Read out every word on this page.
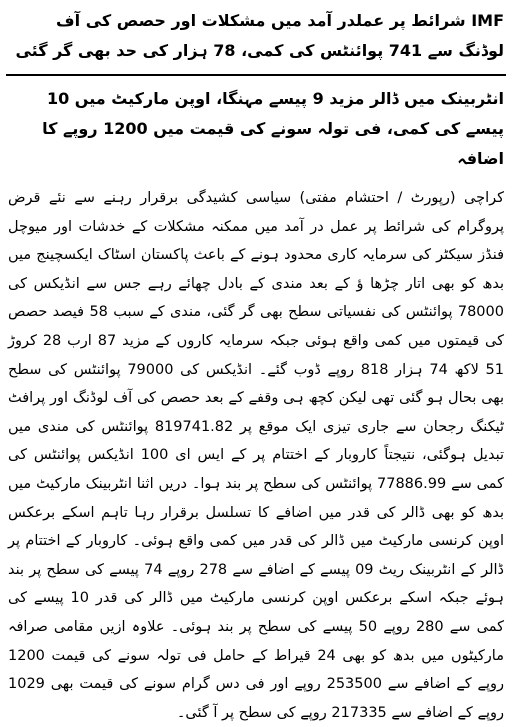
IMF شرائط پر عملدر آمد میں مشکلات اور حصص کی آف لوڈنگ سے 741 پوائنٹس کی کمی، 78 ہزار کی حد بھی گر گئی
انٹربینک میں ڈالر مزید 9 پیسے مہنگا، اوپن مارکیٹ میں 10 پیسے کی کمی، فی تولہ سونے کی قیمت میں 1200 روپے کا اضافہ

کراچی (رپورٹ / احتشام مفتی) سیاسی کشیدگی برقرار رہنے سے نئے قرض پروگرام کی شرائط پر عمل در آمد میں ممکنہ مشکلات کے خدشات اور میوچل فنڈز سیکٹر کی سرمایہ کاری محدود ہونے کے باعث پاکستان اسٹاک ایکسچینج میں بدھ کو بھی اتار چڑھا ؤ کے بعد مندی کے بادل چھائے رہے جس سے انڈیکس کی 78000 پوائنٹس کی نفسیاتی سطح بھی گر گئی، مندی کے سبب 58 فیصد حصص کی قیمتوں میں کمی واقع ہوئی جبکہ سرمایہ کاروں کے مزید 87 ارب 28 کروڑ 51 لاکھ 74 ہزار 818 روپے ڈوب گئے۔ انڈیکس کی 79000 پوائنٹس کی سطح بھی بحال ہو گئی تھی لیکن کچھ ہی وقفے کے بعد حصص کی آف لوڈنگ اور پرافٹ ٹیکنگ رجحان سے جاری تیزی ایک موقع پر 819741.82 پوائنٹس کی مندی میں تبدیل ہوگئی، نتیجتاً کاروبار کے اختتام پر کے ایس ای 100 انڈیکس پوائنٹس کی کمی سے 77886.99 پوائنٹس کی سطح پر بند ہوا۔ دریں اثنا انٹربینک مارکیٹ میں بدھ کو بھی ڈالر کی قدر میں اضافے کا تسلسل برقرار رہا تاہم اسکے برعکس اوپن کرنسی مارکیٹ میں ڈالر کی قدر میں کمی واقع ہوئی۔ کاروبار کے اختتام پر ڈالر کے انٹربینک ریٹ 09 پیسے کے اضافے سے 278 روپے 74 پیسے کی سطح پر بند ہوئے جبکہ اسکے برعکس اوپن کرنسی مارکیٹ میں ڈالر کی قدر 10 پیسے کی کمی سے 280 روپے 50 پیسے کی سطح پر بند ہوئی۔ علاوہ ازیں مقامی صرافہ مارکیٹوں میں بدھ کو بھی 24 قیراط کے حامل فی تولہ سونے کی قیمت 1200 روپے کے اضافے سے 253500 روپے اور فی دس گرام سونے کی قیمت بھی 1029 روپے کے اضافے سے 217335 روپے کی سطح پر آ گئی۔
